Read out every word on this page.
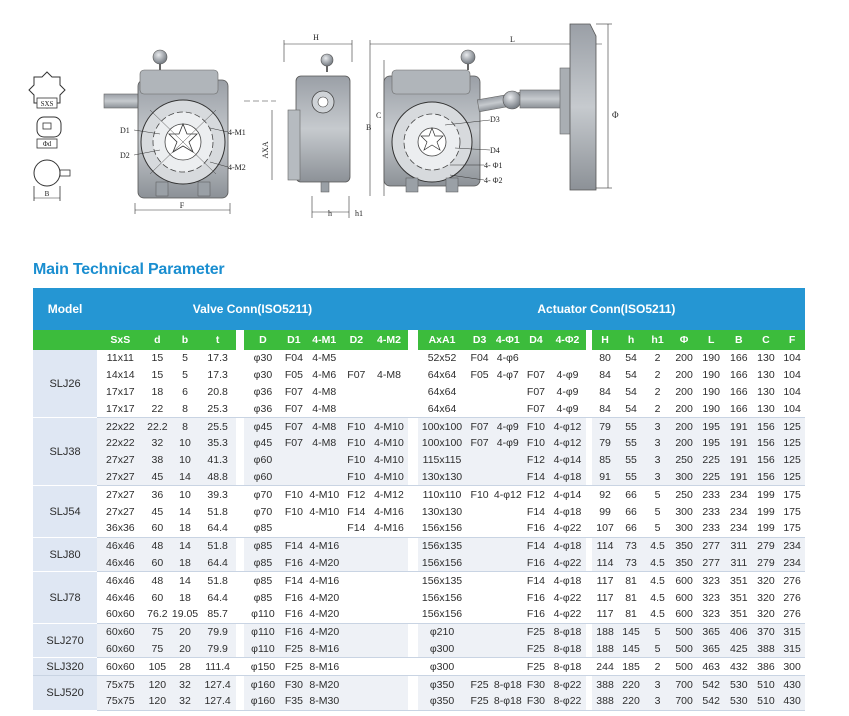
SXS
Φd
B
F
D1
D2
4-M1
4-M2
H
AXA
h	h1
L
B
C	Φ
D3
D4
4- Φ1
4- Φ2
Main Technical Parameter
Model	Valve Conn(ISO5211)										Actuator Conn(ISO5211)														
	SxS	d	b	t		D	D1	4-M1	D2	4-M2		AxA1	D3	4-Φ1	D4	4-Φ2		H	h	h1	Φ	L	B	C	F
SLJ26	11x11	15	5	17.3		φ30	F04	4-M5				52x52	F04	4-φ6				80	54	2	200	190	166	130	104
	14x14	15	5	17.3		φ30	F05	4-M6	F07	4-M8		64x64	F05	4-φ7	F07	4-φ9		84	54	2	200	190	166	130	104
	17x17	18	6	20.8		φ36	F07	4-M8				64x64			F07	4-φ9		84	54	2	200	190	166	130	104
	17x17	22	8	25.3		φ36	F07	4-M8				64x64			F07	4-φ9		84	54	2	200	190	166	130	104
SLJ38	22x22	22.2	8	25.5		φ45	F07	4-M8	F10	4-M10		100x100	F07	4-φ9	F10	4-φ12		79	55	3	200	195	191	156	125
	22x22	32	10	35.3		φ45	F07	4-M8	F10	4-M10		100x100	F07	4-φ9	F10	4-φ12		79	55	3	200	195	191	156	125
	27x27	38	10	41.3		φ60			F10	4-M10		115x115			F12	4-φ14		85	55	3	250	225	191	156	125
	27x27	45	14	48.8		φ60			F10	4-M10		130x130			F14	4-φ18		91	55	3	300	225	191	156	125
SLJ54	27x27	36	10	39.3		φ70	F10	4-M10	F12	4-M12		110x110	F10	4-φ12	F12	4-φ14		92	66	5	250	233	234	199	175
	27x27	45	14	51.8		φ70	F10	4-M10	F14	4-M16		130x130			F14	4-φ18		99	66	5	300	233	234	199	175
	36x36	60	18	64.4		φ85			F14	4-M16		156x156			F16	4-φ22		107	66	5	300	233	234	199	175
SLJ80	46x46	48	14	51.8		φ85	F14	4-M16				156x135			F14	4-φ18		114	73	4.5	350	277	311	279	234
	46x46	60	18	64.4		φ85	F16	4-M20				156x156			F16	4-φ22		114	73	4.5	350	277	311	279	234
SLJ78	46x46	48	14	51.8		φ85	F14	4-M16				156x135			F14	4-φ18		117	81	4.5	600	323	351	320	276
	46x46	60	18	64.4		φ85	F16	4-M20				156x156			F16	4-φ22		117	81	4.5	600	323	351	320	276
	60x60	76.2	19.05	85.7		φ110	F16	4-M20				156x156			F16	4-φ22		117	81	4.5	600	323	351	320	276
SLJ270	60x60	75	20	79.9		φ110	F16	4-M20				φ210			F25	8-φ18		188	145	5	500	365	406	370	315
	60x60	75	20	79.9		φ110	F25	8-M16				φ300			F25	8-φ18		188	145	5	500	365	425	388	315
SLJ320	60x60	105	28	111.4		φ150	F25	8-M16				φ300			F25	8-φ18		244	185	2	500	463	432	386	300
SLJ520	75x75	120	32	127.4		φ160	F30	8-M20				φ350	F25	8-φ18	F30	8-φ22		388	220	3	700	542	530	510	430
	75x75	120	32	127.4		φ160	F35	8-M30				φ350	F25	8-φ18	F30	8-φ22		388	220	3	700	542	530	510	430
